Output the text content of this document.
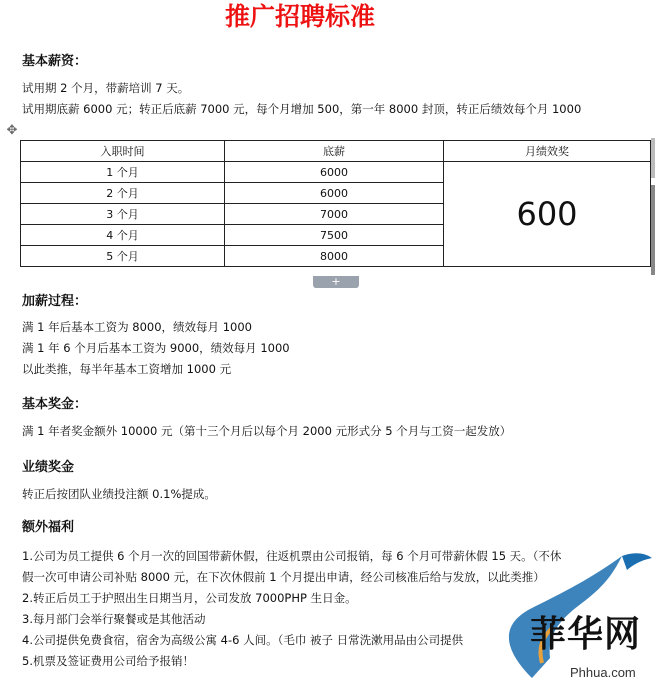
推广招聘标准
基本薪资：
试用期 2 个月，带薪培训 7 天。
试用期底薪 6000 元；转正后底薪 7000 元，每个月增加 500，第一年 8000 封顶，转正后绩效每个月 1000
✥
入职时间	底薪	月绩效奖
1 个月	6000	600
2 个月	6000	
3 个月	7000	
4 个月	7500	
5 个月	8000	
+
加薪过程：
满 1 年后基本工资为 8000，绩效每月 1000
满 1 年 6 个月后基本工资为 9000，绩效每月 1000
以此类推，每半年基本工资增加 1000 元
基本奖金：
满 1 年者奖金额外 10000 元（第十三个月后以每个月 2000 元形式分 5 个月与工资一起发放）
业绩奖金
转正后按团队业绩投注额 0.1%提成。
额外福利
1.公司为员工提供 6 个月一次的回国带薪休假，往返机票由公司报销，每 6 个月可带薪休假 15 天。（不休
假一次可申请公司补贴 8000 元，在下次休假前 1 个月提出申请，经公司核准后给与发放，以此类推）
2.转正后员工于护照出生日期当月，公司发放 7000PHP 生日金。
3.每月部门会举行聚餐或是其他活动
4.公司提供免费食宿，宿舍为高级公寓 4-6 人间。（毛巾 被子 日常洗漱用品由公司提供
5.机票及签证费用公司给予报销！
菲华网
Phhua.com
